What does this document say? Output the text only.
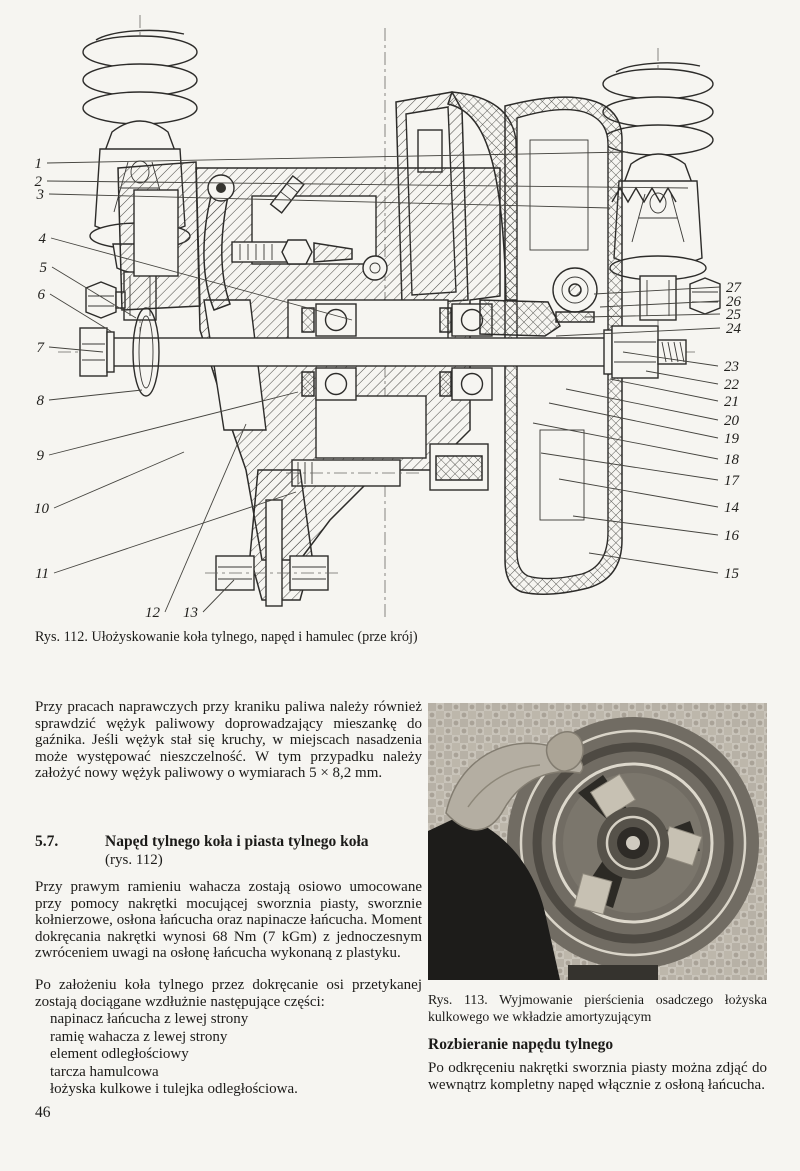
1
2
3
4
5
6
7
8
9
10
11
12 13
27
26
25
24
23
22
21
20
19
18
17
14
16
15
Rys. 112. Ułożyskowanie koła tylnego, napęd i hamulec (prze krój)
Przy pracach naprawczych przy kraniku paliwa należy również sprawdzić wężyk paliwowy doprowadzający mieszankę do gaźnika. Jeśli wężyk stał się kruchy, w miejscach nasadzenia może występować nieszczelność. W tym przypadku należy założyć nowy wężyk paliwowy o wymiarach 5 × 8,2 mm.
5.7.	Napęd tylnego koła i piasta tylnego koła
(rys. 112)
Przy prawym ramieniu wahacza zostają osiowo umocowane przy pomocy nakrętki mocującej sworznia piasty, sworznie kołnierzowe, osłona łańcucha oraz napinacze łańcucha. Moment dokręcania nakrętki wynosi 68 Nm (7 kGm) z jednoczesnym zwróceniem uwagi na osłonę łańcucha wykonaną z plastyku.
Po założeniu koła tylnego przez dokręcanie osi przetykanej zostają dociągane wzdłużnie następujące części:
napinacz łańcucha z lewej strony
ramię wahacza z lewej strony
element odległościowy
tarcza hamulcowa
łożyska kulkowe i tulejka odległościowa.
46
Rys. 113. Wyjmowanie pierścienia osadczego łożyska kulkowego we wkładzie amortyzującym
Rozbieranie napędu tylnego
Po odkręceniu nakrętki sworznia piasty można zdjąć do wewnątrz kompletny napęd włącznie z osłoną łańcucha.
